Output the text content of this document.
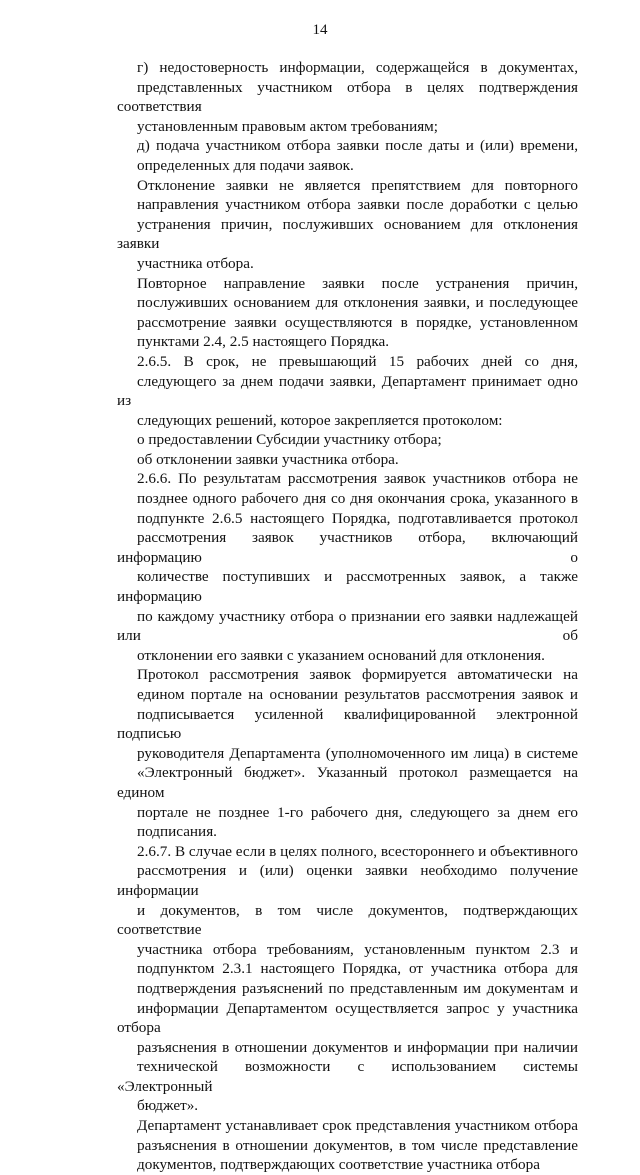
14
г) недостоверность информации, содержащейся в документах,
представленных участником отбора в целях подтверждения соответствия
установленным правовым актом требованиям;
д) подача участником отбора заявки после даты и (или) времени,
определенных для подачи заявок.
Отклонение заявки не является препятствием для повторного
направления участником отбора заявки после доработки с целью
устранения причин, послуживших основанием для отклонения заявки
участника отбора.
Повторное направление заявки после устранения причин,
послуживших основанием для отклонения заявки, и последующее
рассмотрение заявки осуществляются в порядке, установленном
пунктами 2.4, 2.5 настоящего Порядка.
2.6.5. В срок, не превышающий 15 рабочих дней со дня,
следующего за днем подачи заявки, Департамент принимает одно из
следующих решений, которое закрепляется протоколом:
о предоставлении Субсидии участнику отбора;
об отклонении заявки участника отбора.
2.6.6. По результатам рассмотрения заявок участников отбора не
позднее одного рабочего дня со дня окончания срока, указанного в
подпункте 2.6.5 настоящего Порядка, подготавливается протокол
рассмотрения заявок участников отбора, включающий информацию о
количестве поступивших и рассмотренных заявок, а также информацию
по каждому участнику отбора о признании его заявки надлежащей или об
отклонении его заявки с указанием оснований для отклонения.
Протокол рассмотрения заявок формируется автоматически на
едином портале на основании результатов рассмотрения заявок и
подписывается усиленной квалифицированной электронной подписью
руководителя Департамента (уполномоченного им лица) в системе
«Электронный бюджет». Указанный протокол размещается на едином
портале не позднее 1-го рабочего дня, следующего за днем его
подписания.
2.6.7. В случае если в целях полного, всестороннего и объективного
рассмотрения и (или) оценки заявки необходимо получение информации
и документов, в том числе документов, подтверждающих соответствие
участника отбора требованиям, установленным пунктом 2.3 и
подпунктом 2.3.1 настоящего Порядка, от участника отбора для
подтверждения разъяснений по представленным им документам и
информации Департаментом осуществляется запрос у участника отбора
разъяснения в отношении документов и информации при наличии
технической возможности с использованием системы «Электронный
бюджет».
Департамент устанавливает срок представления участником отбора
разъяснения в отношении документов, в том числе представление
документов, подтверждающих соответствие участника отбора
